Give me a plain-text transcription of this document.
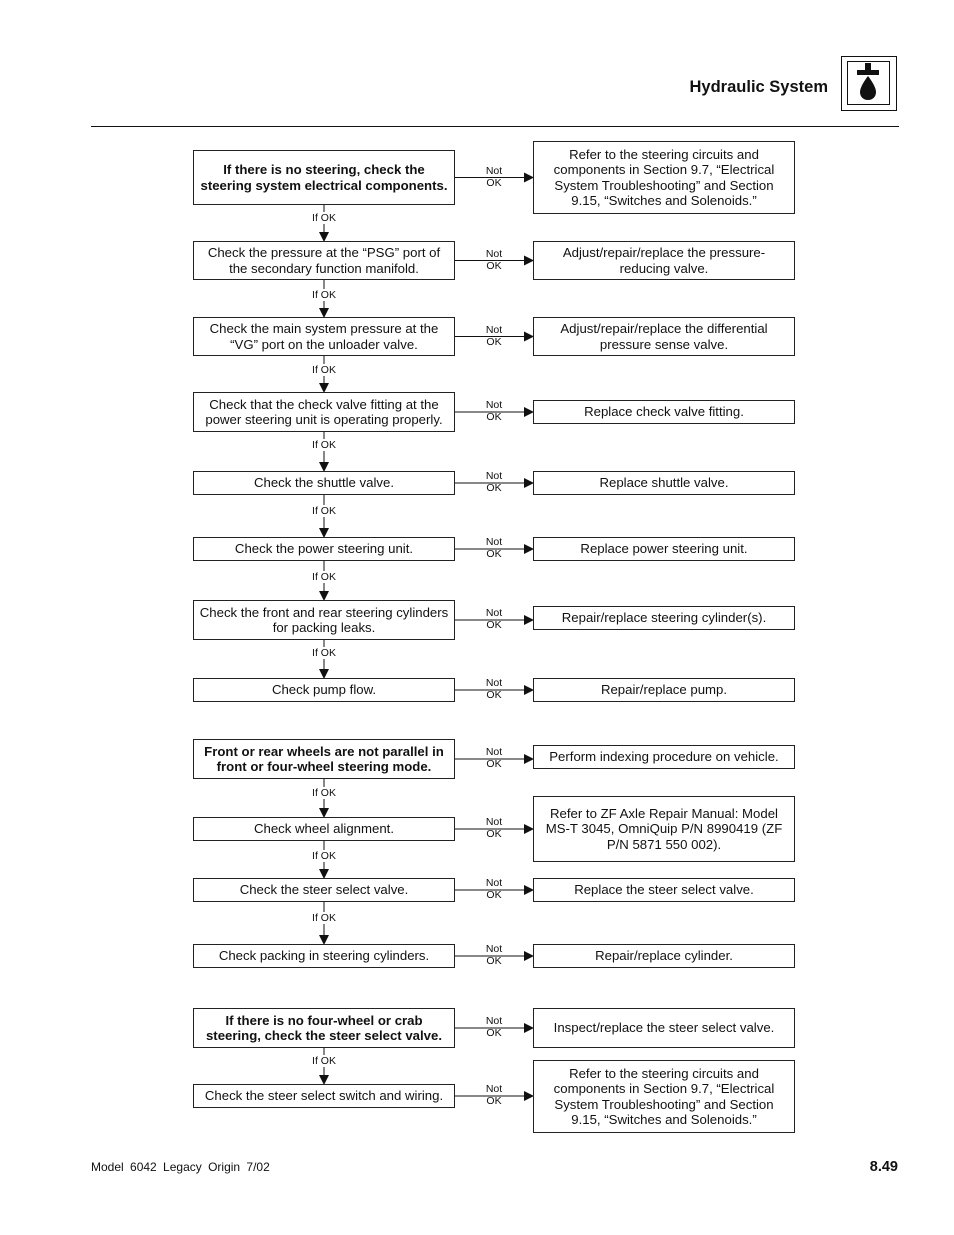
Hydraulic System
If there is no steering, check the steering system electrical components.
Refer to the steering circuits and components in Section 9.7, “Electrical System Troubleshooting” and Section 9.15, “Switches and Solenoids.”
Not
OK
If OK
Check the pressure at the “PSG” port of the secondary function manifold.
Adjust/repair/replace the pressure-reducing valve.
Not
OK
If OK
Check the main system pressure at the “VG” port on the unloader valve.
Adjust/repair/replace the differential pressure sense valve.
Not
OK
If OK
Check that the check valve fitting at the power steering unit is operating properly.
Replace check valve fitting.
Not
OK
If OK
Check the shuttle valve.	Replace shuttle valve.
Not
OK
If OK
Check the power steering unit.	Replace power steering unit.
Not
OK
If OK
Check the front and rear steering cylinders for packing leaks.
Repair/replace steering cylinder(s).
Not
OK
If OK
Check pump flow.	Repair/replace pump.
Not
OK
Front or rear wheels are not parallel in front or four-wheel steering mode.
Perform indexing procedure on vehicle.
Not
OK
If OK
Check wheel alignment.
Refer to ZF Axle Repair Manual: Model MS-T 3045, OmniQuip P/N 8990419 (ZF P/N 5871 550 002).
Not
OK
If OK
Check the steer select valve.	Replace the steer select valve.
Not
OK
If OK
Check packing in steering cylinders.	Repair/replace cylinder.
Not
OK
If there is no four-wheel or crab steering, check the steer select valve.
Inspect/replace the steer select valve.
Not
OK
If OK
Check the steer select switch and wiring.
Refer to the steering circuits and components in Section 9.7, “Electrical System Troubleshooting” and Section 9.15, “Switches and Solenoids.”
Not
OK
Model 6042 Legacy Origin 7/02	8.49
